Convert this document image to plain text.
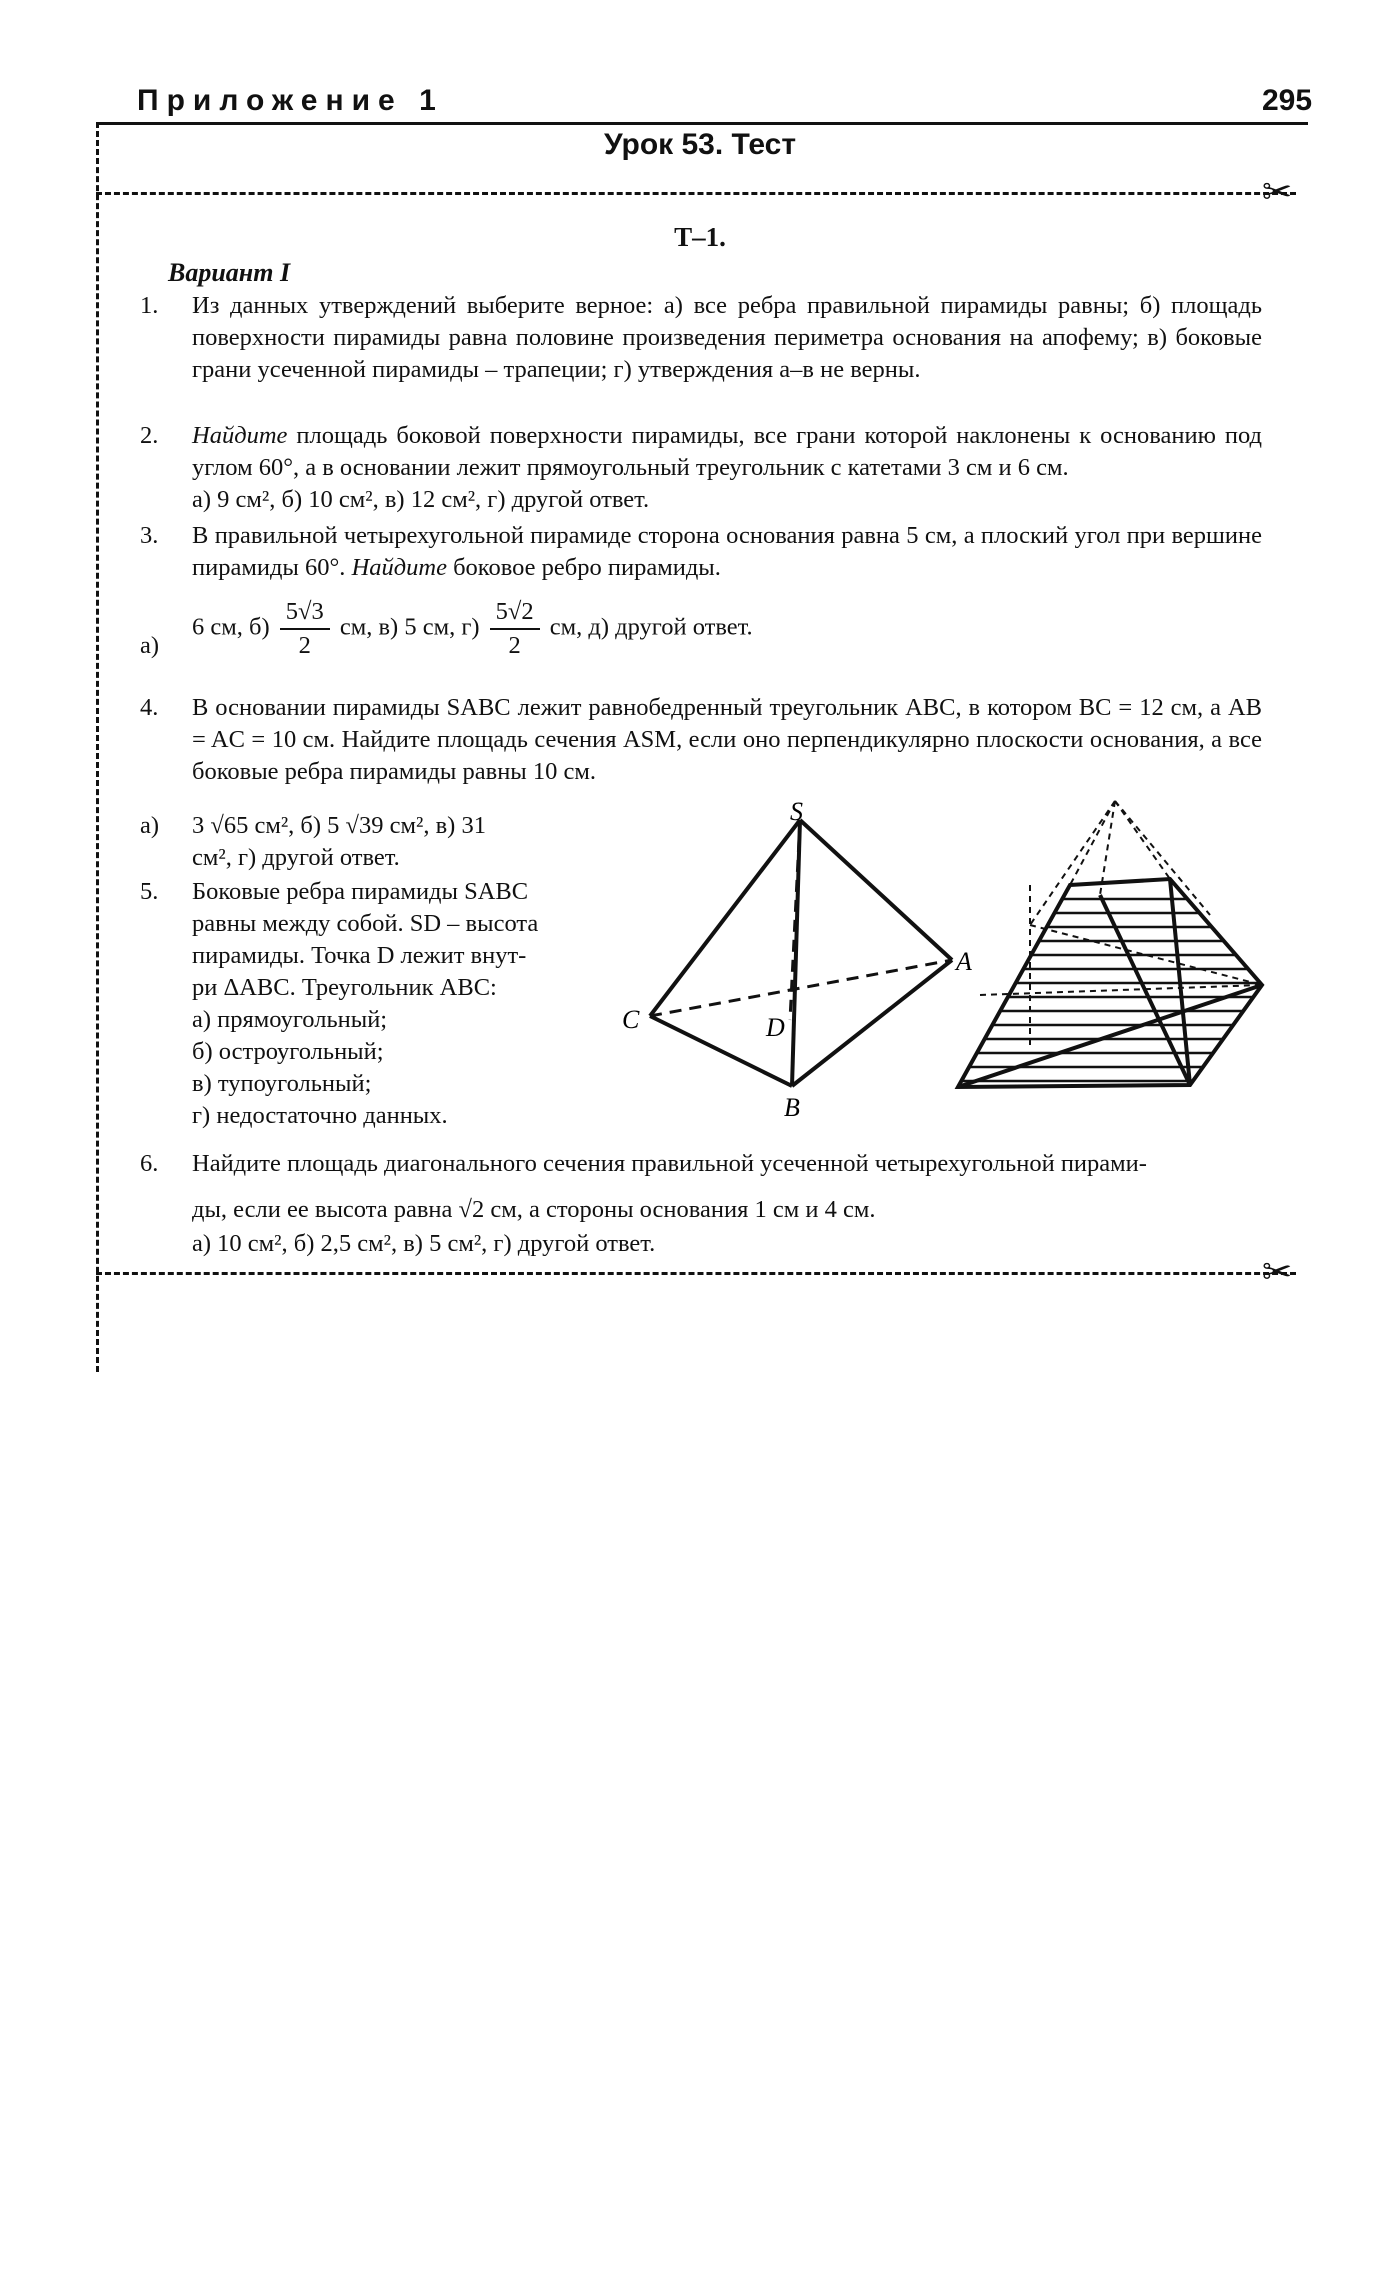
Приложение 1	295
Урок 53. Тест
✂
✂
Т–1.
Вариант I
1. Из данных утверждений выберите верное: а) все ребра правильной пирамиды равны; б) площадь поверхности пирамиды равна половине произведения периметра основания на апофему; в) боковые грани усеченной пирамиды – трапеции; г) утверждения а–в не верны.
2. Найдите площадь боковой поверхности пирамиды, все грани которой наклонены к основанию под углом 60°, а в основании лежит прямоугольный треугольник с катетами 3 см и 6 см.
а) 9 см², б) 10 см², в) 12 см², г) другой ответ.
3. В правильной четырехугольной пирамиде сторона основания равна 5 см, а плоский угол при вершине пирамиды 60°. Найдите боковое ребро пирамиды.
а)
6 см, $б) \frac{5√3}{2}$ см, в) 5 см, $г) \frac{5√2}{2}$ см, д) другой ответ.
4. В основании пирамиды SABC лежит равнобедренный треугольник ABC, в котором BC = 12 см, а AB = AC = 10 см. Найдите площадь сечения ASM, если оно перпендикулярно плоскости основания, а все боковые ребра пирамиды равны 10 см.
а) 3 √65 см², б) 5 √39 см², в) 31
см², г) другой ответ.
5. Боковые ребра пирамиды SABC
равны между собой. SD – высота
пирамиды. Точка D лежит внут-
ри ΔABC. Треугольник ABC:
а) прямоугольный;
б) остроугольный;
в) тупоугольный;
г) недостаточно данных.
S
A
B
C	D
6. Найдите площадь диагонального сечения правильной усеченной четырехугольной пирами-
ды, если ее высота равна √2 см, а стороны основания 1 см и 4 см.
а) 10 см², б) 2,5 см², в) 5 см², г) другой ответ.
